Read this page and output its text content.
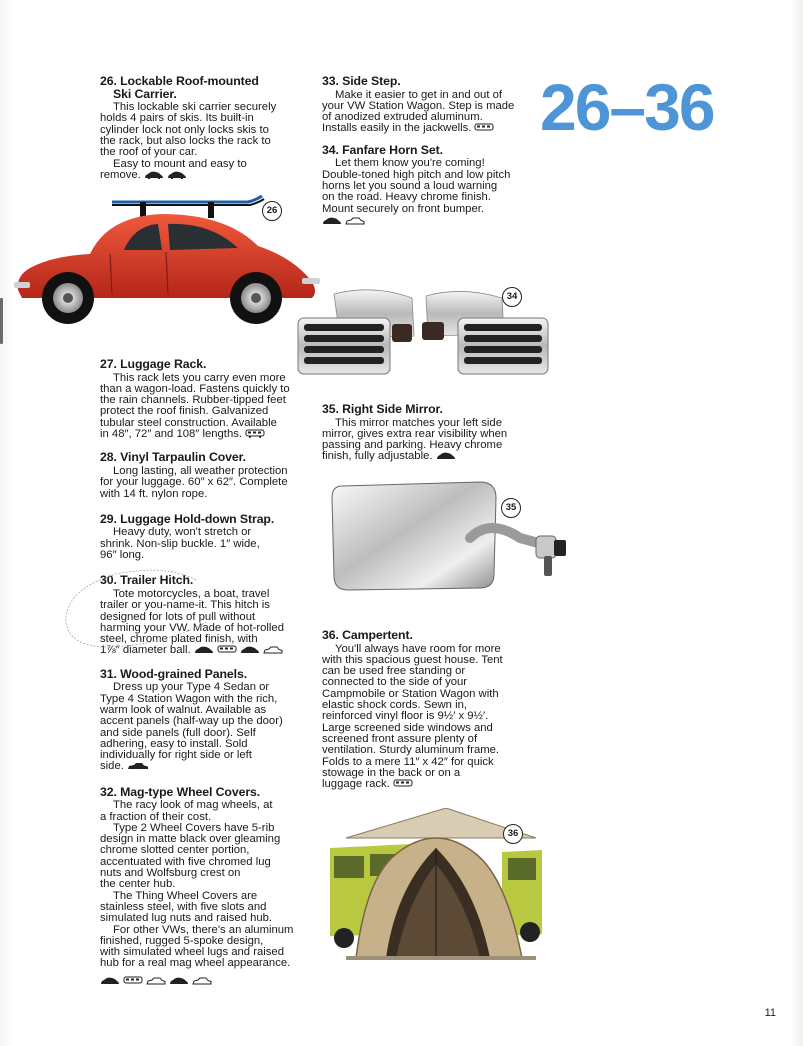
26–36
26. Lockable Roof-mounted
Ski Carrier.

This lockable ski carrier securely
holds 4 pairs of skis. Its built-in
cylinder lock not only locks skis to
the rack, but also locks the rack to
the roof of your car.

Easy to mount and easy to
remove.

26
27. Luggage Rack.

This rack lets you carry even more
than a wagon-load. Fastens quickly to
the rain channels. Rubber-tipped feet
protect the roof finish. Galvanized
tubular steel construction. Available
in 48″, 72″ and 108″ lengths.

28. Vinyl Tarpaulin Cover.

Long lasting, all weather protection
for your luggage. 60″ x 62″. Complete
with 14 ft. nylon rope.

29. Luggage Hold-down Strap.

Heavy duty, won't stretch or
shrink. Non-slip buckle. 1″ wide,
96″ long.

30. Trailer Hitch.

Tote motorcycles, a boat, travel
trailer or you-name-it. This hitch is
designed for lots of pull without
harming your VW. Made of hot-rolled
steel, chrome plated finish, with
1⅞″ diameter ball.

31. Wood-grained Panels.

Dress up your Type 4 Sedan or
Type 4 Station Wagon with the rich,
warm look of walnut. Available as
accent panels (half-way up the door)
and side panels (full door). Self
adhering, easy to install. Sold
individually for right side or left
side.

32. Mag-type Wheel Covers.

The racy look of mag wheels, at
a fraction of their cost.

Type 2 Wheel Covers have 5-rib
design in matte black over gleaming
chrome slotted center portion,
accentuated with five chromed lug
nuts and Wolfsburg crest on
the center hub.

The Thing Wheel Covers are
stainless steel, with five slots and
simulated lug nuts and raised hub.

For other VWs, there's an aluminum
finished, rugged 5-spoke design,
with simulated wheel lugs and raised
hub for a real mag wheel appearance.

33. Side Step.

Make it easier to get in and out of
your VW Station Wagon. Step is made
of anodized extruded aluminum.
Installs easily in the jackwells.

34. Fanfare Horn Set.

Let them know you're coming!
Double-toned high pitch and low pitch
horns let you sound a loud warning
on the road. Heavy chrome finish.
Mount securely on front bumper.

34
35. Right Side Mirror.

This mirror matches your left side
mirror, gives extra rear visibility when
passing and parking. Heavy chrome
finish, fully adjustable.

35
36. Campertent.

You'll always have room for more
with this spacious guest house. Tent
can be used free standing or
connected to the side of your
Campmobile or Station Wagon with
elastic shock cords. Sewn in,
reinforced vinyl floor is 9½′ x 9½′.
Large screened side windows and
screened front assure plenty of
ventilation. Sturdy aluminum frame.
Folds to a mere 11″ x 42″ for quick
stowage in the back or on a
luggage rack.

36
11
